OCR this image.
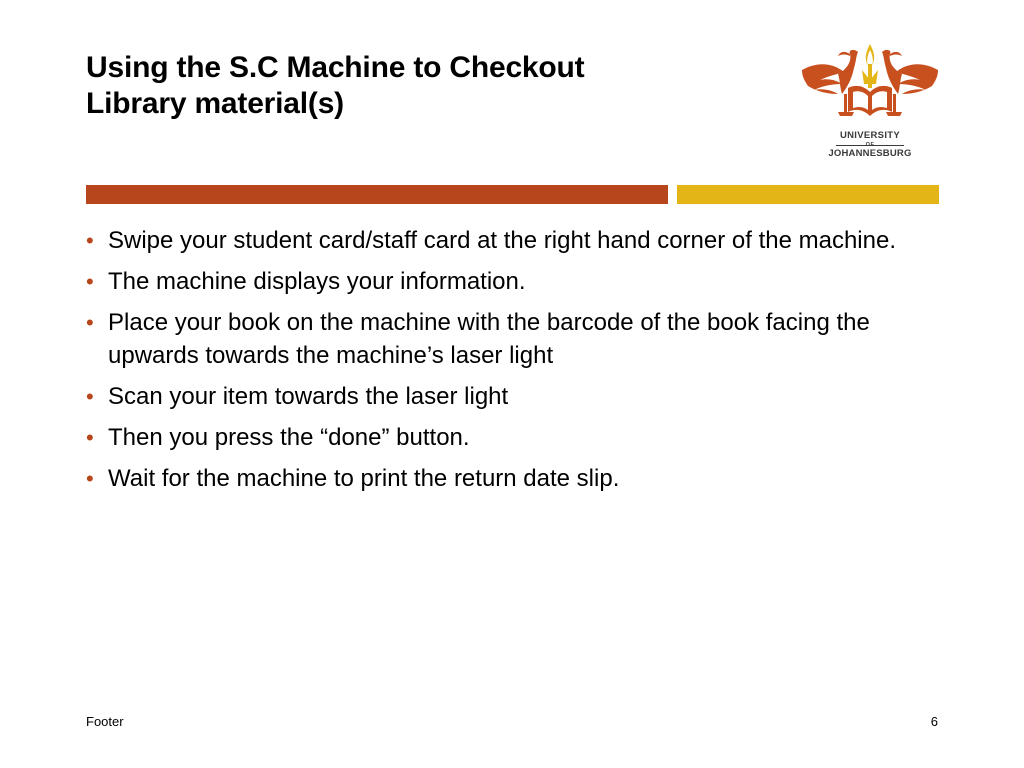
Using the S.C Machine to Checkout
Library material(s)
UNIVERSITY
OF
JOHANNESBURG
• Swipe your student card/staff card at the right hand corner of the machine.
• The machine displays your information.
• Place your book on the machine with the barcode of the book facing the upwards towards the machine’s laser light
• Scan your item towards the laser light
• Then you press the “done” button.
• Wait for the machine to print the return date slip.
Footer	6
